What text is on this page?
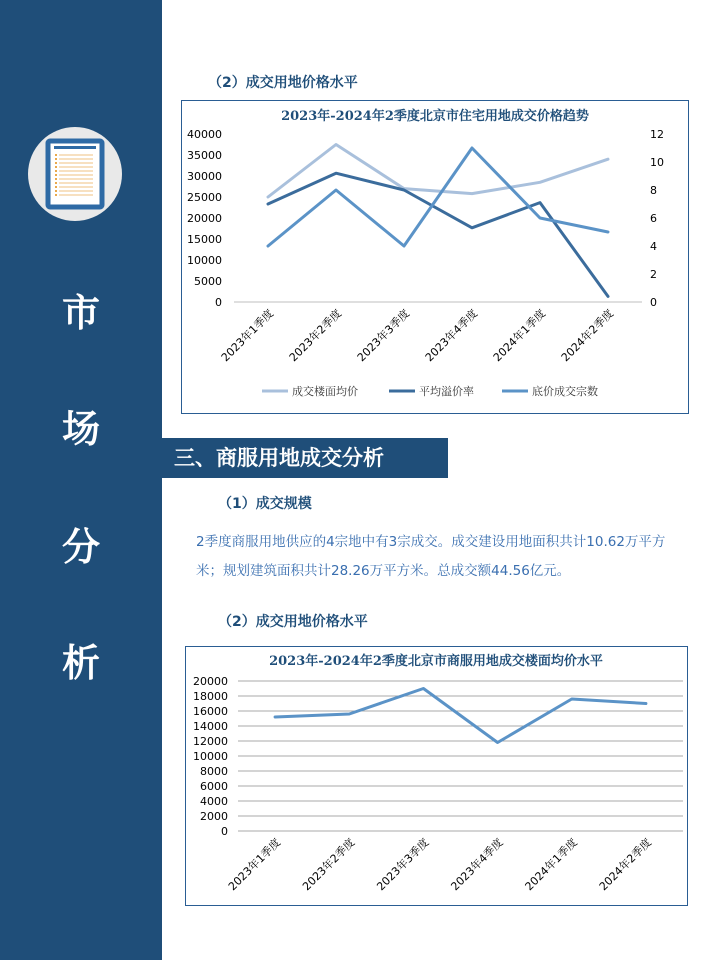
市
场
分
析
（2）成交用地价格水平
2023年-2024年2季度北京市住宅用地成交价格趋势
0
5000
10000
15000
20000
25000
30000
35000
40000
0
2
4
6
8
10
12
2023年1季度 2023年2季度 2023年3季度 2023年4季度 2024年1季度 2024年2季度
成交楼面均价	平均溢价率	底价成交宗数
三、商服用地成交分析
（1）成交规模
2季度商服用地供应的4宗地中有3宗成交。成交建设用地面积共计10.62万平方米；规划建筑面积共计28.26万平方米。总成交额44.56亿元。
（2）成交用地价格水平
2023年-2024年2季度北京市商服用地成交楼面均价水平
0
2000
4000
6000
8000
10000
12000
14000
16000
18000
20000
2023年1季度 2023年2季度 2023年3季度 2023年4季度 2024年1季度 2024年2季度
